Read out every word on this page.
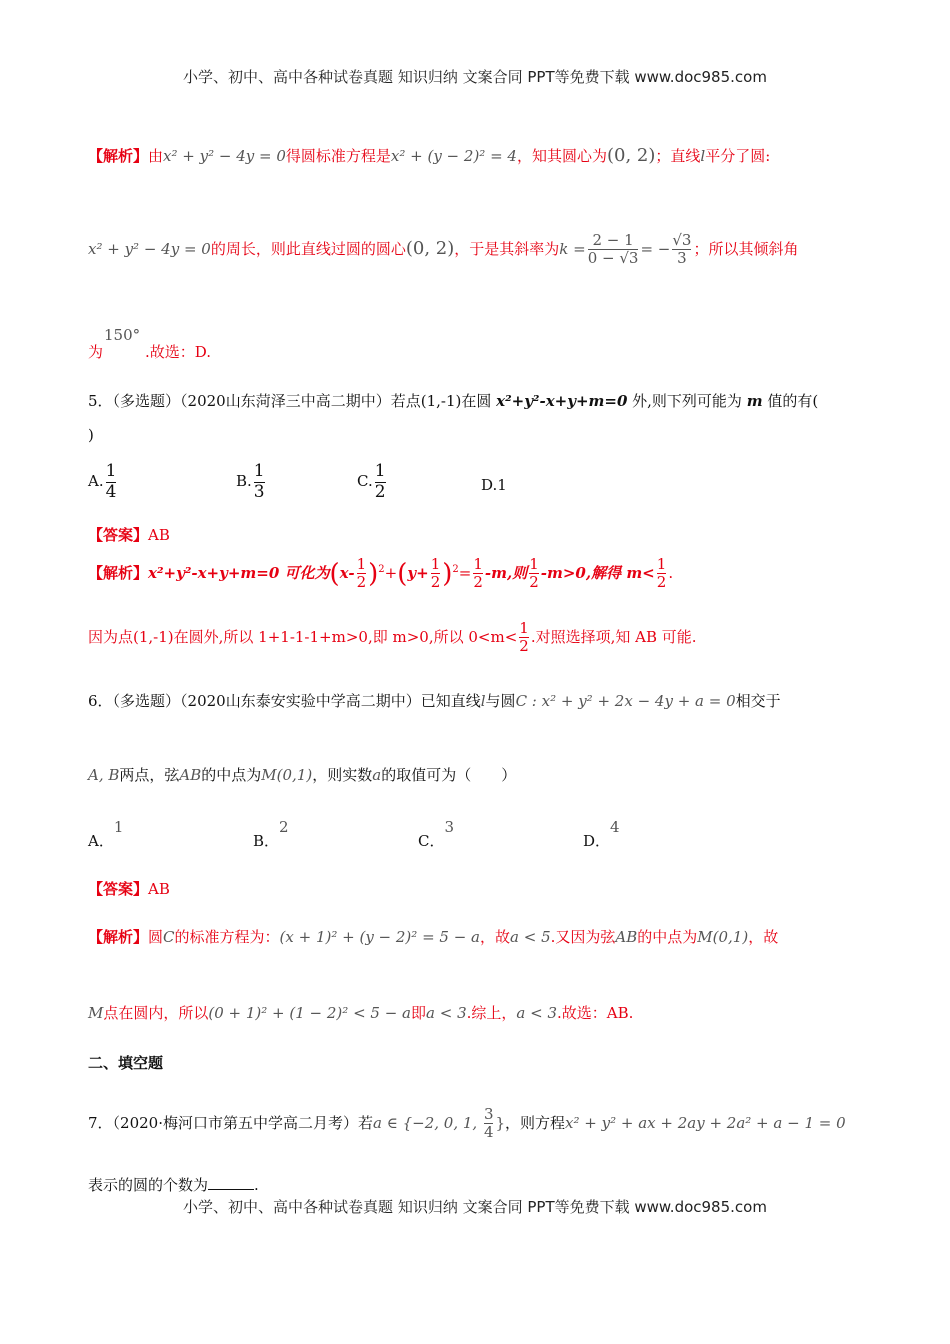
小学、初中、高中各种试卷真题 知识归纳 文案合同 PPT等免费下载 www.doc985.com
【解析】由x² + y² − 4y = 0得圆标准方程是x² + (y − 2)² = 4，知其圆心为(0, 2)；直线l平分了圆:
x² + y² − 4y = 0的周长，则此直线过圆的圆心(0, 2)，于是其斜率为$k = \frac{2 - 1}{0 - √3}$ = − $\frac{√3}{3}$ ；所以其倾斜角
150°
为	.故选：D.
5．（多选题）（2020山东菏泽三中高二期中）若点(1,-1)在圆 x²+y²-x+y+m=0 外,则下列可能为 m 值的有(
)
A. $\frac{1}{4}$	B. $\frac{1}{3}$	C. $\frac{1}{2}$	D.1
【答案】AB
【解析】x²+y²-x+y+m=0 可化为$(x- \frac{1}{2} )^2+(y+ \frac{1}{2} )^2= \frac{1}{2} -m$,则 $\frac{1}{2} -m>0$,解得 $m< \frac{1}{2}$ .
因为点(1,-1)在圆外,所以 1+1-1-1+m>0,即 m>0,所以 $0<m< \frac{1}{2}$ .对照选择项,知 AB 可能.
6．（多选题）（2020山东泰安实验中学高二期中）已知直线l与圆C : x² + y² + 2x − 4y + a = 0相交于
A, B两点，弦AB的中点为M(0,1)，则实数a的取值可为（　　）
A．1
B．2
C．3
D．4
【答案】AB
【解析】圆C的标准方程为：(x + 1)² + (y − 2)² = 5 − a，故a < 5.又因为弦AB的中点为M(0,1)，故
M点在圆内，所以(0 + 1)² + (1 − 2)² < 5 − a即a < 3.综上，a < 3.故选：AB.
二、填空题
7．（2020·梅河口市第五中学高二月考）若a ∈ {−2, 0, 1, $\frac{3}{4}$ }，则方程x² + y² + ax + 2ay + 2a² + a − 1 = 0
表示的圆的个数为	.
小学、初中、高中各种试卷真题 知识归纳 文案合同 PPT等免费下载 www.doc985.com
